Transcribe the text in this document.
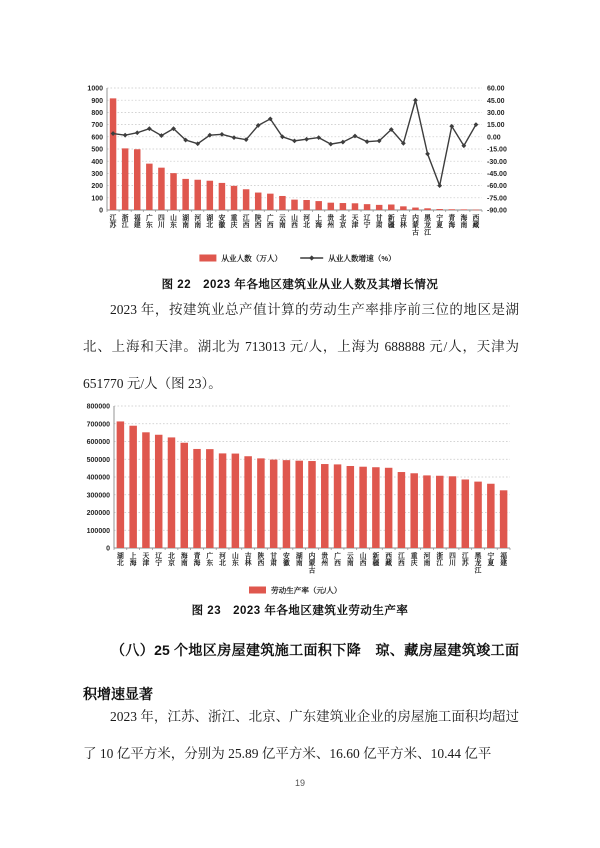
0
100
200
300
400
500
600
700
800
900
1000
-90.00
-75.00
-60.00
-45.00
-30.00
-15.00
0.00
15.00
30.00
45.00
60.00
江苏
浙江
福建
广东
四川
山东
湖南
河南
湖北
安徽
重庆
江西
陕西
广西
云南
山西
河北
上海
贵州
北京
天津
辽宁
甘肃
新疆
吉林
内蒙古
黑龙江
宁夏
青海
海南
西藏
从业人数（万人）	从业人数增速（%）
图 22　2023 年各地区建筑业从业人数及其增长情况
2023 年，按建筑业总产值计算的劳动生产率排序前三位的地区是湖北、上海和天津。湖北为 713013 元/人，上海为 688888 元/人，天津为 651770 元/人（图 23）。
0
100000
200000
300000
400000
500000
600000
700000
800000
湖北
上海
天津
辽宁
北京
海南
青海
广东
河北
山东
吉林
陕西
甘肃
安徽
湖南
内蒙古
贵州
广西
云南
山西
新疆
西藏
江西
重庆
河南
浙江
四川
江苏
黑龙江
宁夏
福建
劳动生产率（元/人）
图 23　2023 年各地区建筑业劳动生产率
（八）25 个地区房屋建筑施工面积下降　琼、藏房屋建筑竣工面积增速显著
2023 年，江苏、浙江、北京、广东建筑业企业的房屋施工面积均超过了 10 亿平方米，分别为 25.89 亿平方米、16.60 亿平方米、10.44 亿平
19
